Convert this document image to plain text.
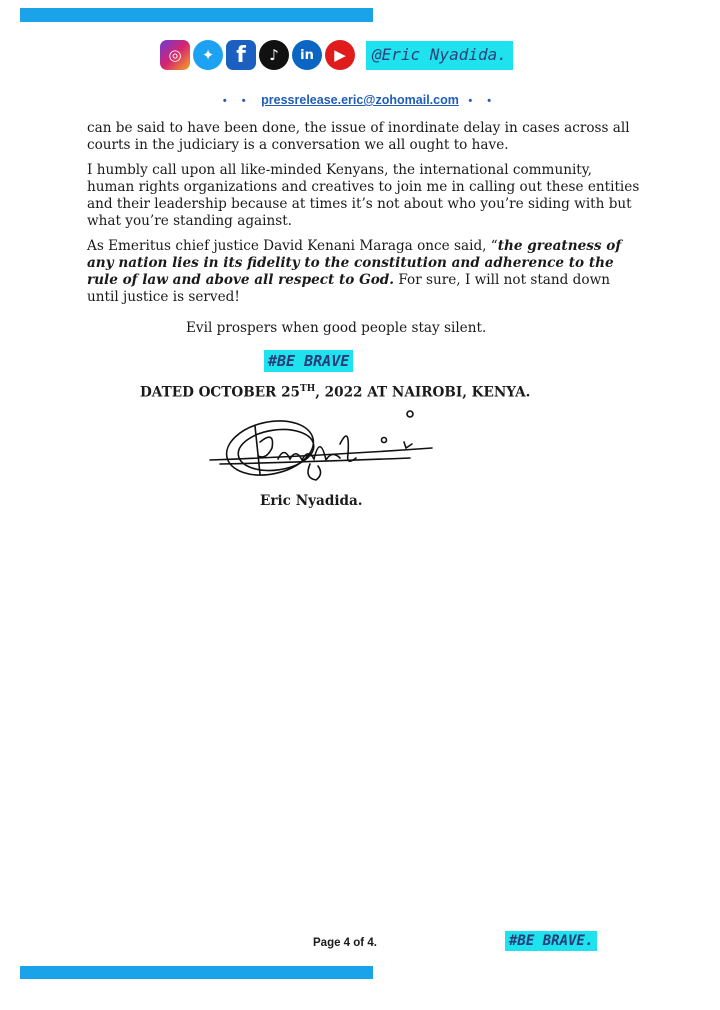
◎	✦ f	♪	in	▶	@Eric Nyadida.
• • pressrelease.eric@zohomail.com • •

can be said to have been done, the issue of inordinate delay in cases across all courts in the judiciary is a conversation we all ought to have.

I humbly call upon all like-minded Kenyans, the international community, human rights organizations and creatives to join me in calling out these entities and their leadership because at times it’s not about who you’re siding with but what you’re standing against.

As Emeritus chief justice David Kenani Maraga once said, “the greatness of any nation lies in its fidelity to the constitution and adherence to the rule of law and above all respect to God. For sure, I will not stand down until justice is served!

Evil prospers when good people stay silent.
#BE BRAVE
DATED OCTOBER 25TH, 2022 AT NAIROBI, KENYA.
Eric Nyadida.
Page 4 of 4.	#BE BRAVE.
